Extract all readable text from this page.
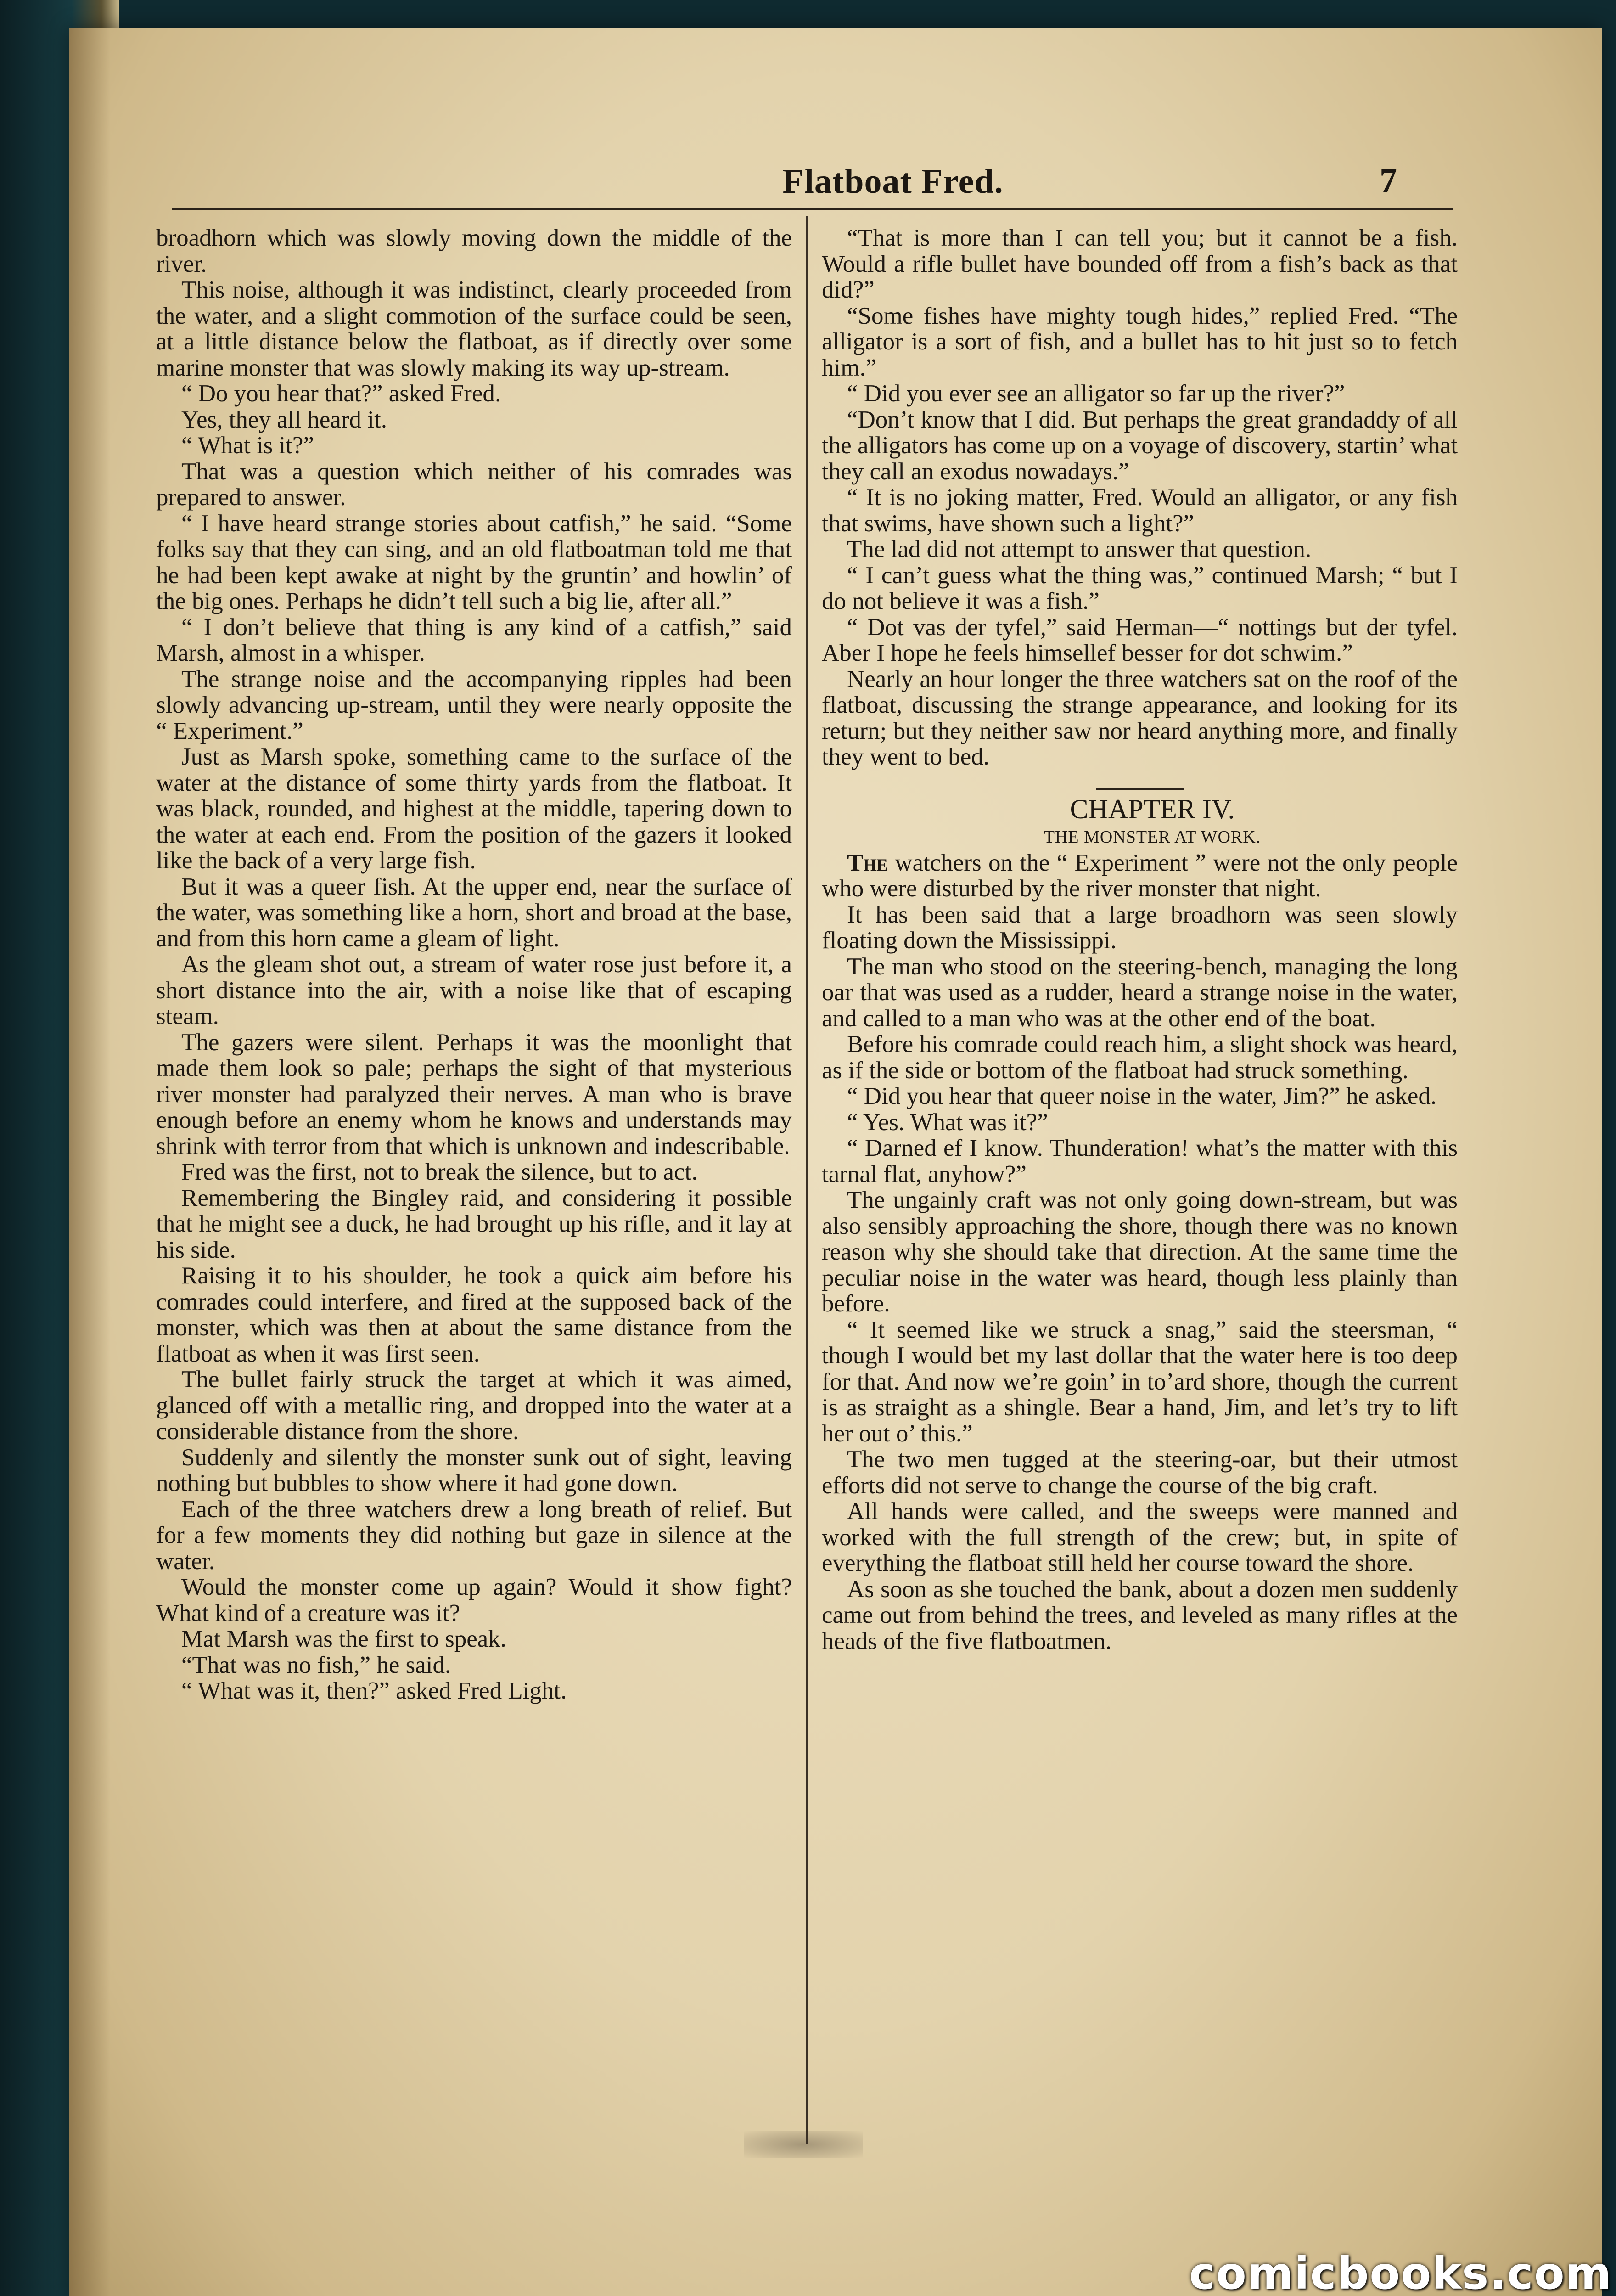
Flatboat Fred.	7

broadhorn which was slowly moving down the middle of the river.

This noise, although it was indistinct, clearly proceeded from the water, and a slight commotion of the surface could be seen, at a little distance below the flatboat, as if directly over some marine monster that was slowly making its way up-stream.

“ Do you hear that?” asked Fred.

Yes, they all heard it.

“ What is it?”

That was a question which neither of his comrades was prepared to answer.

“ I have heard strange stories about catfish,” he said. “Some folks say that they can sing, and an old flatboatman told me that he had been kept awake at night by the gruntin’ and howlin’ of the big ones. Perhaps he didn’t tell such a big lie, after all.”

“ I don’t believe that thing is any kind of a catfish,” said Marsh, almost in a whisper.

The strange noise and the accompanying ripples had been slowly advancing up-stream, until they were nearly opposite the “ Experiment.”

Just as Marsh spoke, something came to the surface of the water at the distance of some thirty yards from the flatboat. It was black, rounded, and highest at the middle, tapering down to the water at each end. From the position of the gazers it looked like the back of a very large fish.

But it was a queer fish. At the upper end, near the surface of the water, was something like a horn, short and broad at the base, and from this horn came a gleam of light.

As the gleam shot out, a stream of water rose just before it, a short distance into the air, with a noise like that of escaping steam.

The gazers were silent. Perhaps it was the moonlight that made them look so pale; perhaps the sight of that mysterious river monster had paralyzed their nerves. A man who is brave enough before an enemy whom he knows and understands may shrink with terror from that which is unknown and indescribable.

Fred was the first, not to break the silence, but to act.

Remembering the Bingley raid, and considering it possible that he might see a duck, he had brought up his rifle, and it lay at his side.

Raising it to his shoulder, he took a quick aim before his comrades could interfere, and fired at the supposed back of the monster, which was then at about the same distance from the flatboat as when it was first seen.

The bullet fairly struck the target at which it was aimed, glanced off with a metallic ring, and dropped into the water at a considerable distance from the shore.

Suddenly and silently the monster sunk out of sight, leaving nothing but bubbles to show where it had gone down.

Each of the three watchers drew a long breath of relief. But for a few moments they did nothing but gaze in silence at the water.

Would the monster come up again? Would it show fight? What kind of a creature was it?

Mat Marsh was the first to speak.

“That was no fish,” he said.

“ What was it, then?” asked Fred Light.

“That is more than I can tell you; but it cannot be a fish. Would a rifle bullet have bounded off from a fish’s back as that did?”

“Some fishes have mighty tough hides,” replied Fred. “The alligator is a sort of fish, and a bullet has to hit just so to fetch him.”

“ Did you ever see an alligator so far up the river?”

“Don’t know that I did. But perhaps the great grandaddy of all the alligators has come up on a voyage of discovery, startin’ what they call an exodus nowadays.”

“ It is no joking matter, Fred. Would an alligator, or any fish that swims, have shown such a light?”

The lad did not attempt to answer that question.

“ I can’t guess what the thing was,” continued Marsh; “ but I do not believe it was a fish.”

“ Dot vas der tyfel,” said Herman—“ nottings but der tyfel. Aber I hope he feels himsellef besser for dot schwim.”

Nearly an hour longer the three watchers sat on the roof of the flatboat, discussing the strange appearance, and looking for its return; but they neither saw nor heard anything more, and finally they went to bed.

CHAPTER IV.

THE MONSTER AT WORK.

The watchers on the “ Experiment ” were not the only people who were disturbed by the river monster that night.

It has been said that a large broadhorn was seen slowly floating down the Mississippi.

The man who stood on the steering-bench, managing the long oar that was used as a rudder, heard a strange noise in the water, and called to a man who was at the other end of the boat.

Before his comrade could reach him, a slight shock was heard, as if the side or bottom of the flatboat had struck something.

“ Did you hear that queer noise in the water, Jim?” he asked.

“ Yes. What was it?”

“ Darned ef I know. Thunderation! what’s the matter with this tarnal flat, anyhow?”

The ungainly craft was not only going down-stream, but was also sensibly approaching the shore, though there was no known reason why she should take that direction. At the same time the peculiar noise in the water was heard, though less plainly than before.

“ It seemed like we struck a snag,” said the steersman, “ though I would bet my last dollar that the water here is too deep for that. And now we’re goin’ in to’ard shore, though the current is as straight as a shingle. Bear a hand, Jim, and let’s try to lift her out o’ this.”

The two men tugged at the steering-oar, but their utmost efforts did not serve to change the course of the big craft.

All hands were called, and the sweeps were manned and worked with the full strength of the crew; but, in spite of everything the flatboat still held her course toward the shore.

As soon as she touched the bank, about a dozen men suddenly came out from behind the trees, and leveled as many rifles at the heads of the five flatboatmen.

comicbooks.com
